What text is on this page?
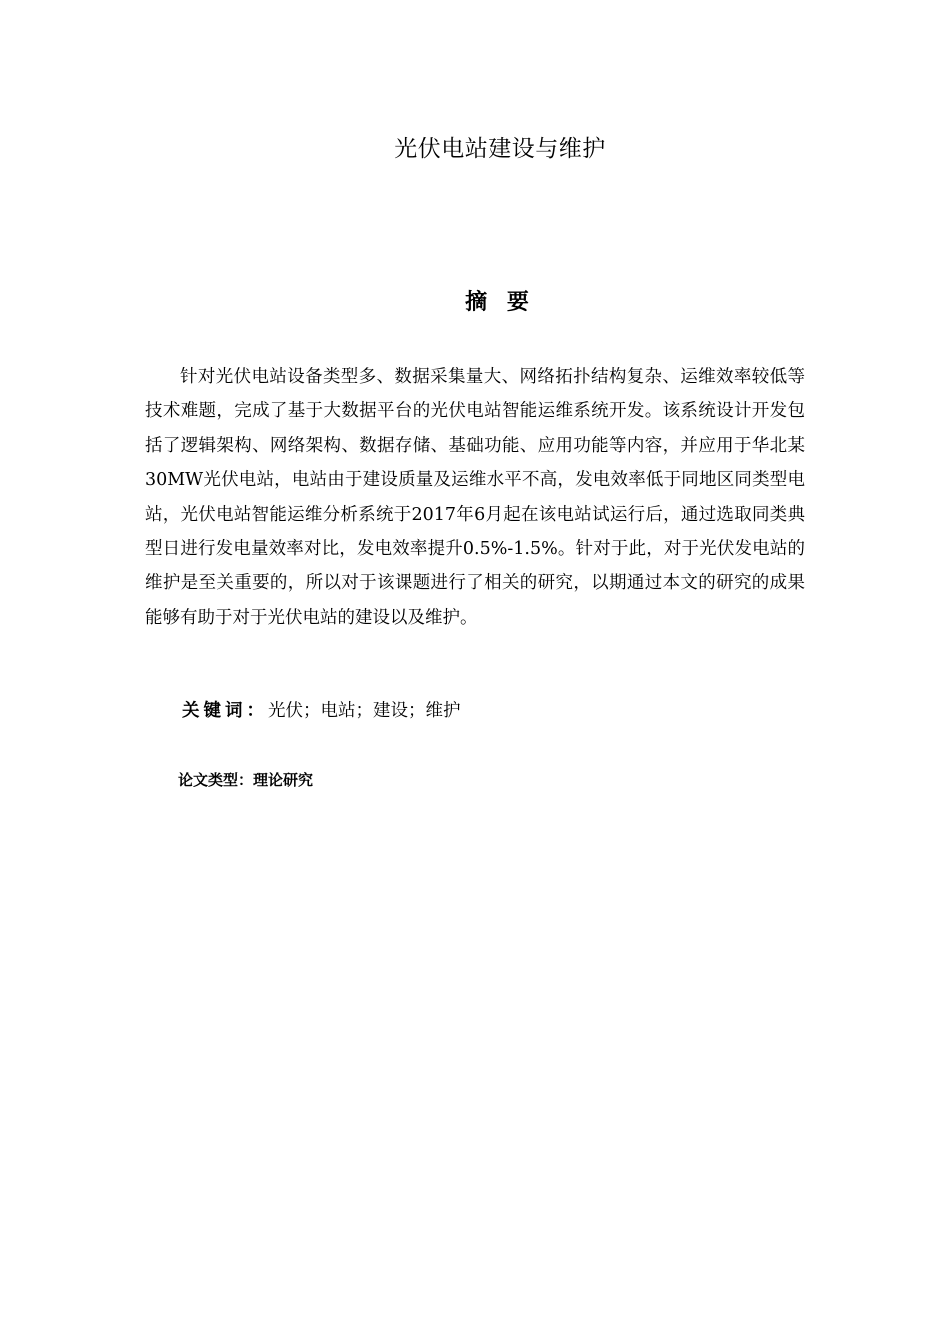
光伏电站建设与维护
摘 要

针对光伏电站设备类型多、数据采集量大、网络拓扑结构复杂、运维效率较低等技术难题，完成了基于大数据平台的光伏电站智能运维系统开发。该系统设计开发包括了逻辑架构、网络架构、数据存储、基础功能、应用功能等内容，并应用于华北某30MW光伏电站，电站由于建设质量及运维水平不高，发电效率低于同地区同类型电站，光伏电站智能运维分析系统于2017年6月起在该电站试运行后，通过选取同类典型日进行发电量效率对比，发电效率提升0.5%-1.5%。针对于此，对于光伏发电站的维护是至关重要的，所以对于该课题进行了相关的研究，以期通过本文的研究的成果能够有助于对于光伏电站的建设以及维护。

关键词：光伏；电站；建设；维护
论文类型：理论研究
